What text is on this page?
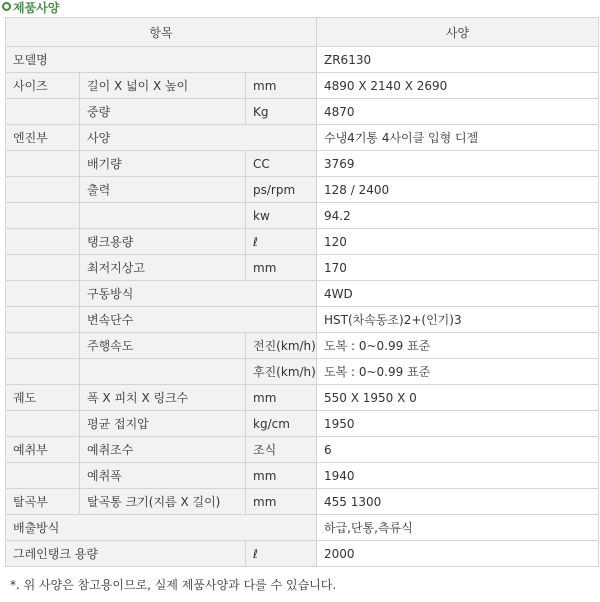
제품사양
항목			사양
모델명			ZR6130
사이즈	길이 X 넓이 X 높이	mm	4890 X 2140 X 2690
	중량	Kg	4870
엔진부	사양		수냉4기통 4사이클 입형 디젤
	배기량	CC	3769
	출력	ps/rpm	128 / 2400
		kw	94.2
	탱크용량	ℓ	120
	최저지상고	mm	170
	구동방식		4WD
	변속단수		HST(차속동조)2+(인기)3
	주행속도	전진(km/h)	도복 : 0~0.99 표준
		후진(km/h)	도복 : 0~0.99 표준
궤도	폭 X 피치 X 링크수	mm	550 X 1950 X 0
	평균 접지압	kg/cm	1950
예취부	예취조수	조식	6
	예취폭	mm	1940
탈곡부	탈곡통 크기(지름 X 길이)	mm	455 1300
배출방식			하급,단통,측류식
그레인탱크 용량		ℓ	2000
*. 위 사양은 참고용이므로, 실제 제품사양과 다를 수 있습니다.
